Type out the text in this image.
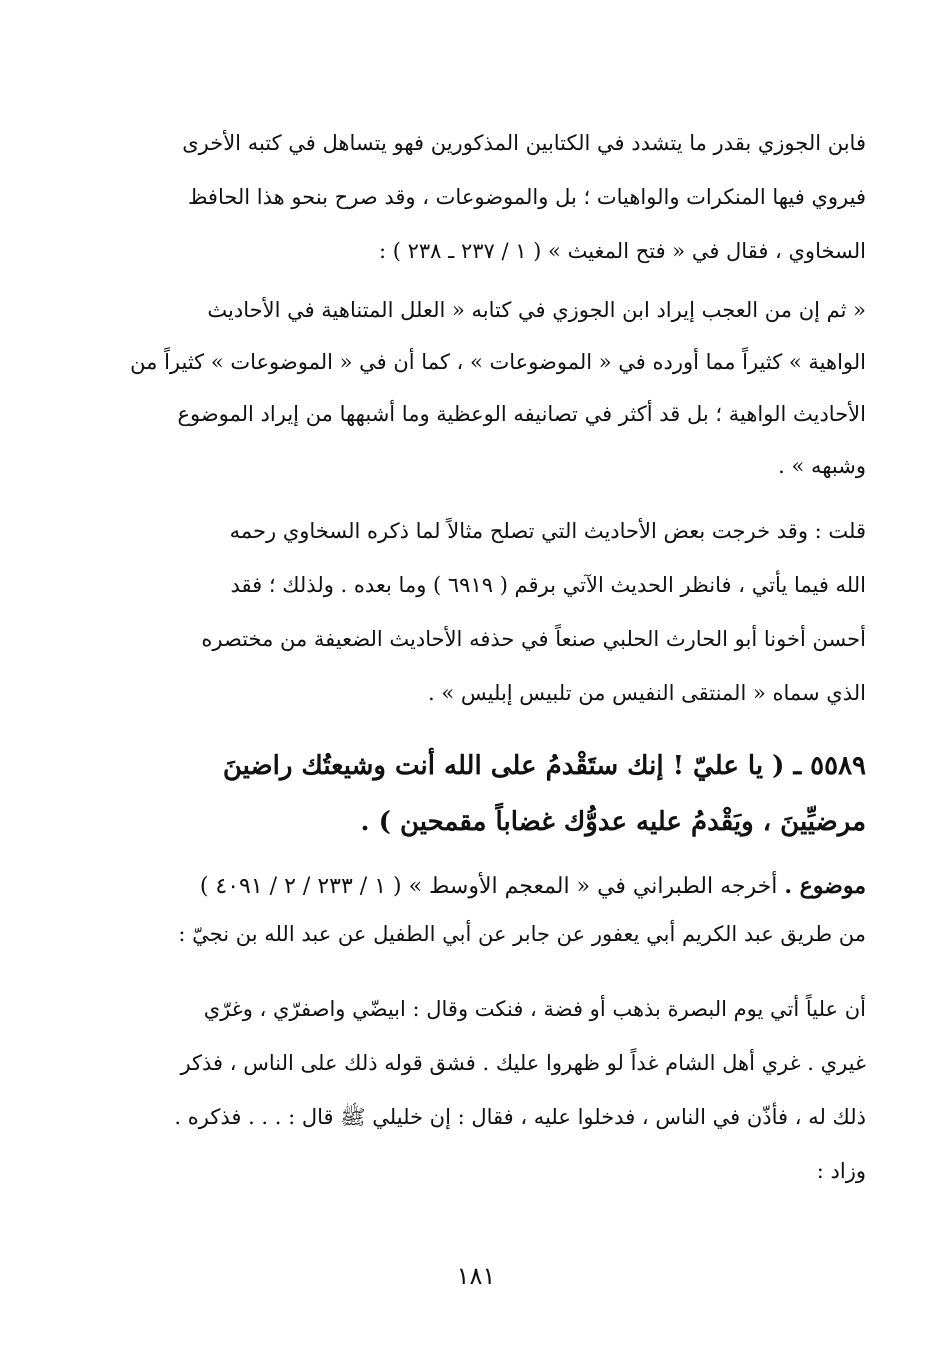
فابن الجوزي بقدر ما يتشدد في الكتابين المذكورين فهو يتساهل في كتبه الأخرى
فيروي فيها المنكرات والواهيات ؛ بل والموضوعات ، وقد صرح بنحو هذا الحافظ
السخاوي ، فقال في « فتح المغيث » ( ١ / ٢٣٧ ـ ٢٣٨ ) :
« ثم إن من العجب إيراد ابن الجوزي في كتابه « العلل المتناهية في الأحاديث
الواهية » كثيراً مما أورده في « الموضوعات » ، كما أن في « الموضوعات » كثيراً من
الأحاديث الواهية ؛ بل قد أكثر في تصانيفه الوعظية وما أشبهها من إيراد الموضوع
وشبهه » .
قلت : وقد خرجت بعض الأحاديث التي تصلح مثالاً لما ذكره السخاوي رحمه
الله فيما يأتي ، فانظر الحديث الآتي برقم ( ٦٩١٩ ) وما بعده . ولذلك ؛ فقد
أحسن أخونا أبو الحارث الحلبي صنعاً في حذفه الأحاديث الضعيفة من مختصره
الذي سماه « المنتقى النفيس من تلبيس إبليس » .
٥٥٨٩ ـ ( يا عليّ ! إنك ستَقْدمُ على الله أنت وشيعتُك راضينَ
مرضيِّينَ ، ويَقْدمُ عليه عدوُّك غضاباً مقمحين ) .
موضوع . أخرجه الطبراني في « المعجم الأوسط » ( ١ / ٢٣٣ / ٢ / ٤٠٩١ )
من طريق عبد الكريم أبي يعفور عن جابر عن أبي الطفيل عن عبد الله بن نجيّ :
أن علياً أتي يوم البصرة بذهب أو فضة ، فنكت وقال : ابيضّي واصفرّي ، وغرّي
غيري . غري أهل الشام غداً لو ظهروا عليك . فشق قوله ذلك على الناس ، فذكر
ذلك له ، فأذّن في الناس ، فدخلوا عليه ، فقال : إن خليلي ﷺ قال : . . . فذكره .
وزاد :
١٨١
